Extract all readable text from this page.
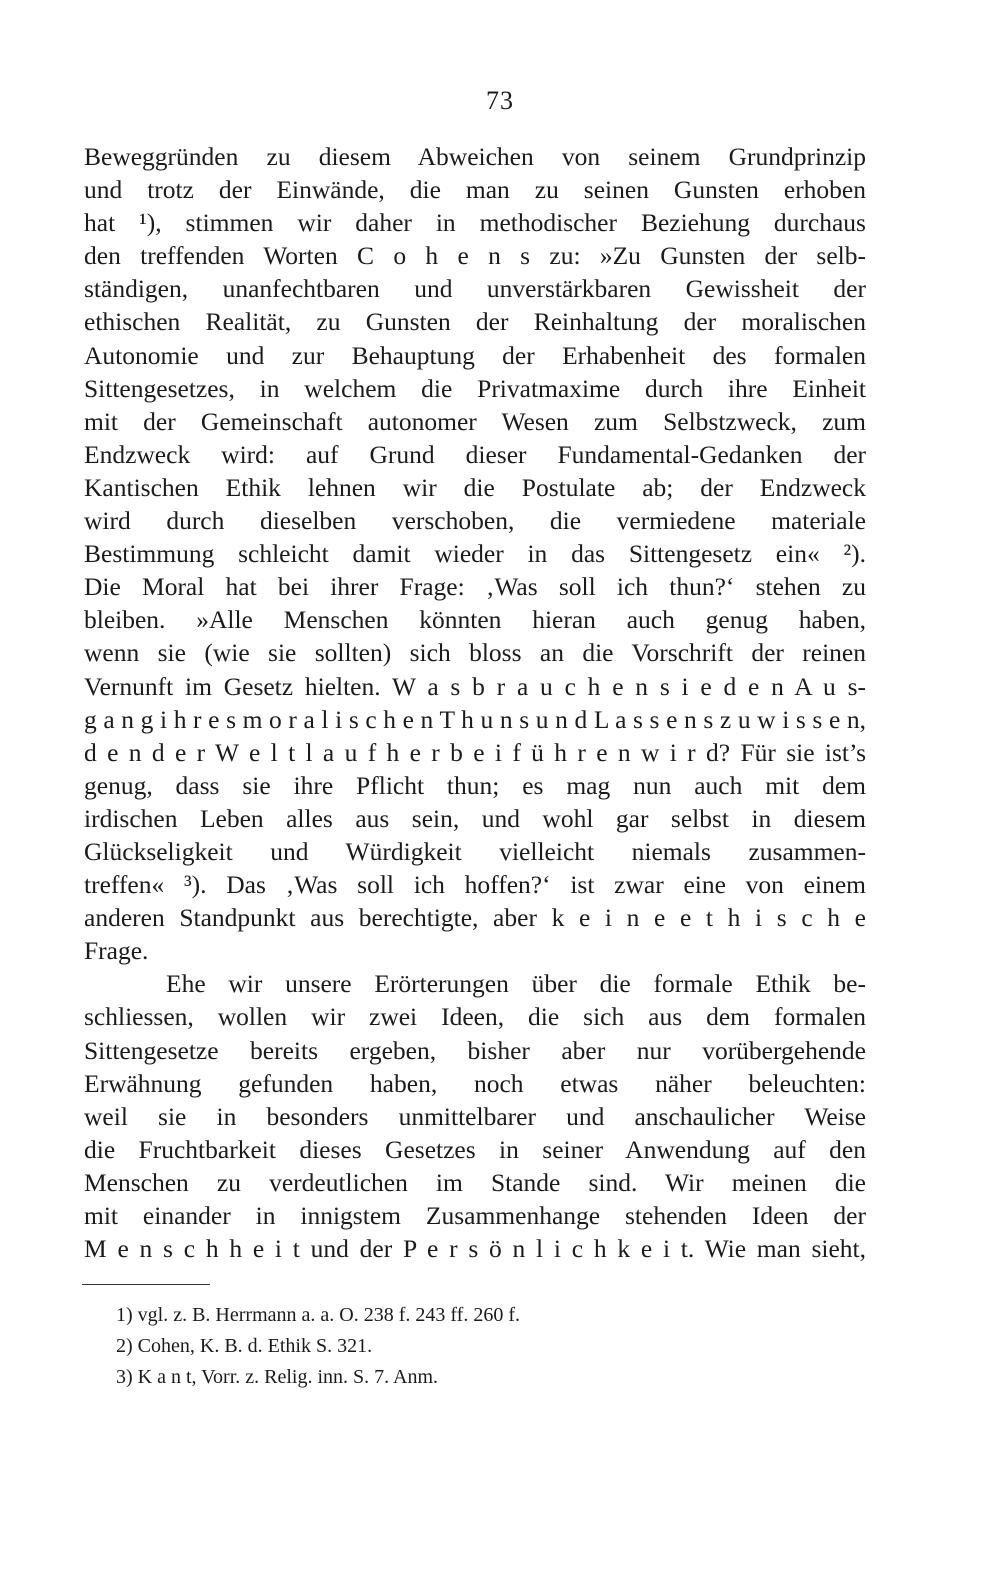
73
Beweggründen zu diesem Abweichen von seinem Grundprinzip
und trotz der Einwände, die man zu seinen Gunsten erhoben
hat ¹), stimmen wir daher in methodischer Beziehung durchaus
den treffenden Worten C o h e n s zu: »Zu Gunsten der selb-
ständigen, unanfechtbaren und unverstärkbaren Gewissheit der
ethischen Realität, zu Gunsten der Reinhaltung der moralischen
Autonomie und zur Behauptung der Erhabenheit des formalen
Sittengesetzes, in welchem die Privatmaxime durch ihre Einheit
mit der Gemeinschaft autonomer Wesen zum Selbstzweck, zum
Endzweck wird: auf Grund dieser Fundamental-Gedanken der
Kantischen Ethik lehnen wir die Postulate ab; der Endzweck
wird durch dieselben verschoben, die vermiedene materiale
Bestimmung schleicht damit wieder in das Sittengesetz ein« ²).
Die Moral hat bei ihrer Frage: ‚Was soll ich thun?‘ stehen zu
bleiben. »Alle Menschen könnten hieran auch genug haben,
wenn sie (wie sie sollten) sich bloss an die Vorschrift der reinen
Vernunft im Gesetz hielten. W a s b r a u c h e n s i e d e n A u s-
g a n g i h r e s m o r a l i s c h e n T h u n s u n d L a s s e n s z u w i s s e n,
d e n d e r W e l t l a u f h e r b e i f ü h r e n w i r d? Für sie ist’s
genug, dass sie ihre Pflicht thun; es mag nun auch mit dem
irdischen Leben alles aus sein, und wohl gar selbst in diesem
Glückseligkeit und Würdigkeit vielleicht niemals zusammen-
treffen« ³). Das ‚Was soll ich hoffen?‘ ist zwar eine von einem
anderen Standpunkt aus berechtigte, aber k e i n e e t h i s c h e
Frage.
Ehe wir unsere Erörterungen über die formale Ethik be-
schliessen, wollen wir zwei Ideen, die sich aus dem formalen
Sittengesetze bereits ergeben, bisher aber nur vorübergehende
Erwähnung gefunden haben, noch etwas näher beleuchten:
weil sie in besonders unmittelbarer und anschaulicher Weise
die Fruchtbarkeit dieses Gesetzes in seiner Anwendung auf den
Menschen zu verdeutlichen im Stande sind. Wir meinen die
mit einander in innigstem Zusammenhange stehenden Ideen der
M e n s c h h e i t und der P e r s ö n l i c h k e i t. Wie man sieht,
1) vgl. z. B. Herrmann a. a. O. 238 f. 243 ff. 260 f.
2) Cohen, K. B. d. Ethik S. 321.
3) K a n t, Vorr. z. Relig. inn. S. 7. Anm.
